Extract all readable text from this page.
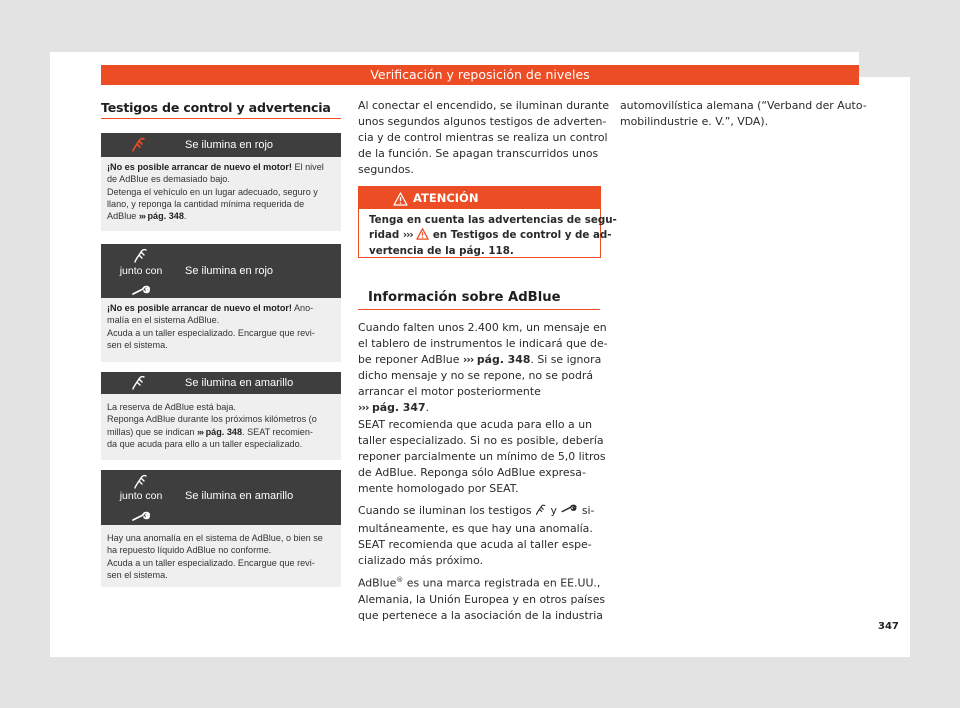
Verificación y reposición de niveles
Testigos de control y advertencia
Se ilumina en rojo
¡No es posible arrancar de nuevo el motor! El nivel
de AdBlue es demasiado bajo.
Detenga el vehículo en un lugar adecuado, seguro y
llano, y reponga la cantidad mínima requerida de
AdBlue ››› pág. 348.
junto con	Se ilumina en rojo
¡No es posible arrancar de nuevo el motor! Ano-
malía en el sistema AdBlue.
Acuda a un taller especializado. Encargue que revi-
sen el sistema.
Se ilumina en amarillo
La reserva de AdBlue está baja.
Reponga AdBlue durante los próximos kilómetros (o
millas) que se indican ››› pág. 348. SEAT recomien-
da que acuda para ello a un taller especializado.
junto con	Se ilumina en amarillo
Hay una anomalía en el sistema de AdBlue, o bien se
ha repuesto líquido AdBlue no conforme.
Acuda a un taller especializado. Encargue que revi-
sen el sistema.
Al conectar el encendido, se iluminan durante
unos segundos algunos testigos de adverten-
cia y de control mientras se realiza un control
de la función. Se apagan transcurridos unos
segundos.
ATENCIÓN
Tenga en cuenta las advertencias de segu-
ridad ›››  en Testigos de control y de ad-
vertencia de la pág. 118.
Información sobre AdBlue
Cuando falten unos 2.400 km, un mensaje en
el tablero de instrumentos le indicará que de-
be reponer AdBlue ››› pág. 348. Si se ignora
dicho mensaje y no se repone, no se podrá
arrancar el motor posteriormente
››› pág. 347.
SEAT recomienda que acuda para ello a un
taller especializado. Si no es posible, debería
reponer parcialmente un mínimo de 5,0 litros
de AdBlue. Reponga sólo AdBlue expresa-
mente homologado por SEAT.
Cuando se iluminan los testigos y si-
multáneamente, es que hay una anomalía.
SEAT recomienda que acuda al taller espe-
cializado más próximo.
AdBlue® es una marca registrada en EE.UU.,
Alemania, la Unión Europea y en otros países
que pertenece a la asociación de la industria
automovilística alemana (“Verband der Auto-
mobilindustrie e. V.”, VDA).
347
